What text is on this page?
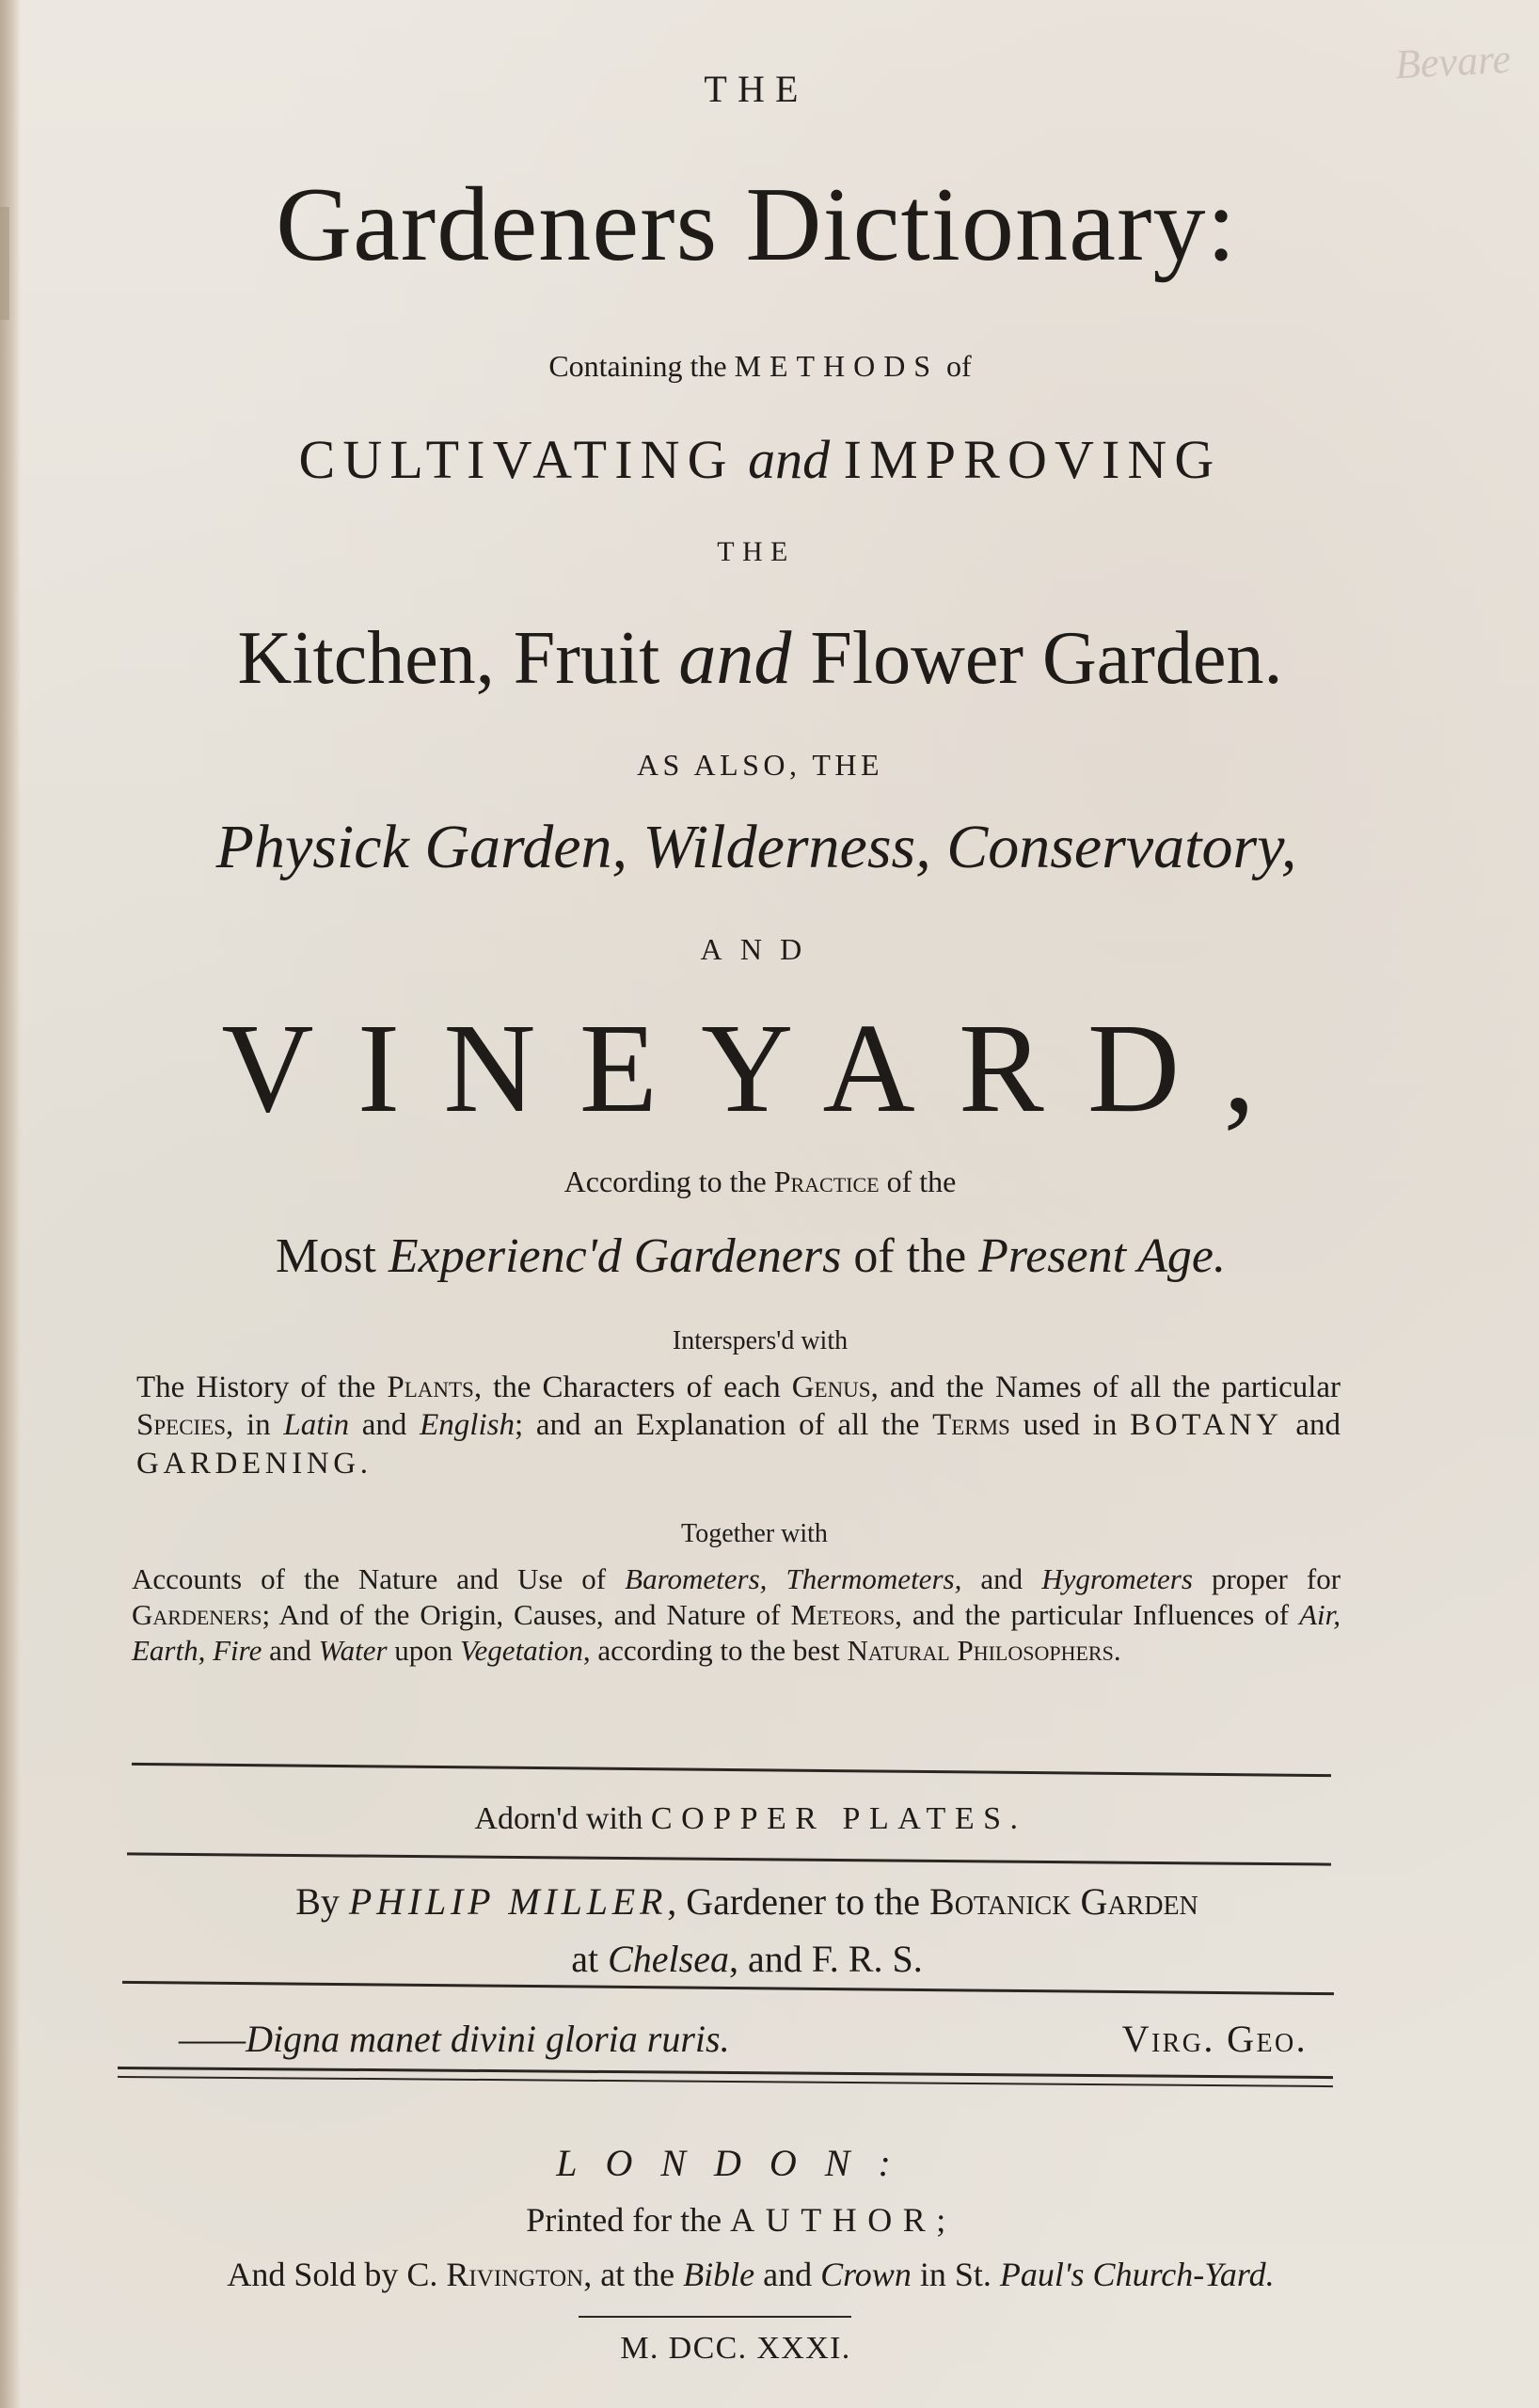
Bevare
THE
Gardeners Dictionary:
Containing the METHODS of
CULTIVATING and IMPROVING
THE
Kitchen, Fruit and Flower Garden.
AS ALSO, THE
Physick Garden, Wilderness, Conservatory,
AND
VINEYARD,
According to the Practice of the
Most Experienc'd Gardeners of the Present Age.
Interspers'd with
The History of the Plants, the Characters of each Genus, and the Names of all the particular Species, in Latin and English; and an Explanation of all the Terms used in BOTANY and GARDENING.
Together with
Accounts of the Nature and Use of Barometers, Thermometers, and Hygrometers proper for Gardeners; And of the Origin, Causes, and Nature of Meteors, and the particular Influences of Air, Earth, Fire and Water upon Vegetation, according to the best Natural Philosophers.
Adorn'd with COPPER PLATES.
By PHILIP MILLER, Gardener to the Botanick Garden
at Chelsea, and F. R. S.
——Digna manet divini gloria ruris.	Virg. Geo.
LONDON:
Printed for the AUTHOR;
And Sold by C. Rivington, at the Bible and Crown in St. Paul's Church-Yard.
M. DCC. XXXI.
